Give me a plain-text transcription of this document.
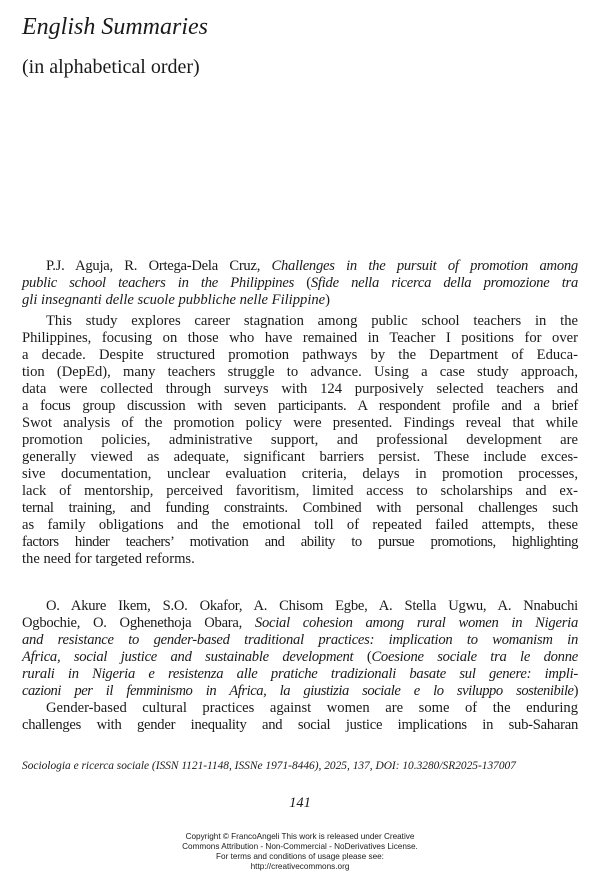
English Summaries
(in alphabetical order)
P.J. Aguja, R. Ortega-Dela Cruz, Challenges in the pursuit of promotion among
public school teachers in the Philippines (Sfide nella ricerca della promozione tra
gli insegnanti delle scuole pubbliche nelle Filippine)
This study explores career stagnation among public school teachers in the
Philippines, focusing on those who have remained in Teacher I positions for over
a decade. Despite structured promotion pathways by the Department of Educa-
tion (DepEd), many teachers struggle to advance. Using a case study approach,
data were collected through surveys with 124 purposively selected teachers and
a focus group discussion with seven participants. A respondent profile and a brief
Swot analysis of the promotion policy were presented. Findings reveal that while
promotion policies, administrative support, and professional development are
generally viewed as adequate, significant barriers persist. These include exces-
sive documentation, unclear evaluation criteria, delays in promotion processes,
lack of mentorship, perceived favoritism, limited access to scholarships and ex-
ternal training, and funding constraints. Combined with personal challenges such
as family obligations and the emotional toll of repeated failed attempts, these
factors hinder teachers’ motivation and ability to pursue promotions, highlighting
the need for targeted reforms.
O. Akure Ikem, S.O. Okafor, A. Chisom Egbe, A. Stella Ugwu, A. Nnabuchi
Ogbochie, O. Oghenethoja Obara, Social cohesion among rural women in Nigeria
and resistance to gender-based traditional practices: implication to womanism in
Africa, social justice and sustainable development (Coesione sociale tra le donne
rurali in Nigeria e resistenza alle pratiche tradizionali basate sul genere: impli-
cazioni per il femminismo in Africa, la giustizia sociale e lo sviluppo sostenibile)
Gender-based cultural practices against women are some of the enduring
challenges with gender inequality and social justice implications in sub-Saharan
Sociologia e ricerca sociale (ISSN 1121-1148, ISSNe 1971-8446), 2025, 137, DOI: 10.3280/SR2025-137007
141
Copyright © FrancoAngeli This work is released under Creative
Commons Attribution - Non-Commercial - NoDerivatives License.
For terms and conditions of usage please see:
http://creativecommons.org
